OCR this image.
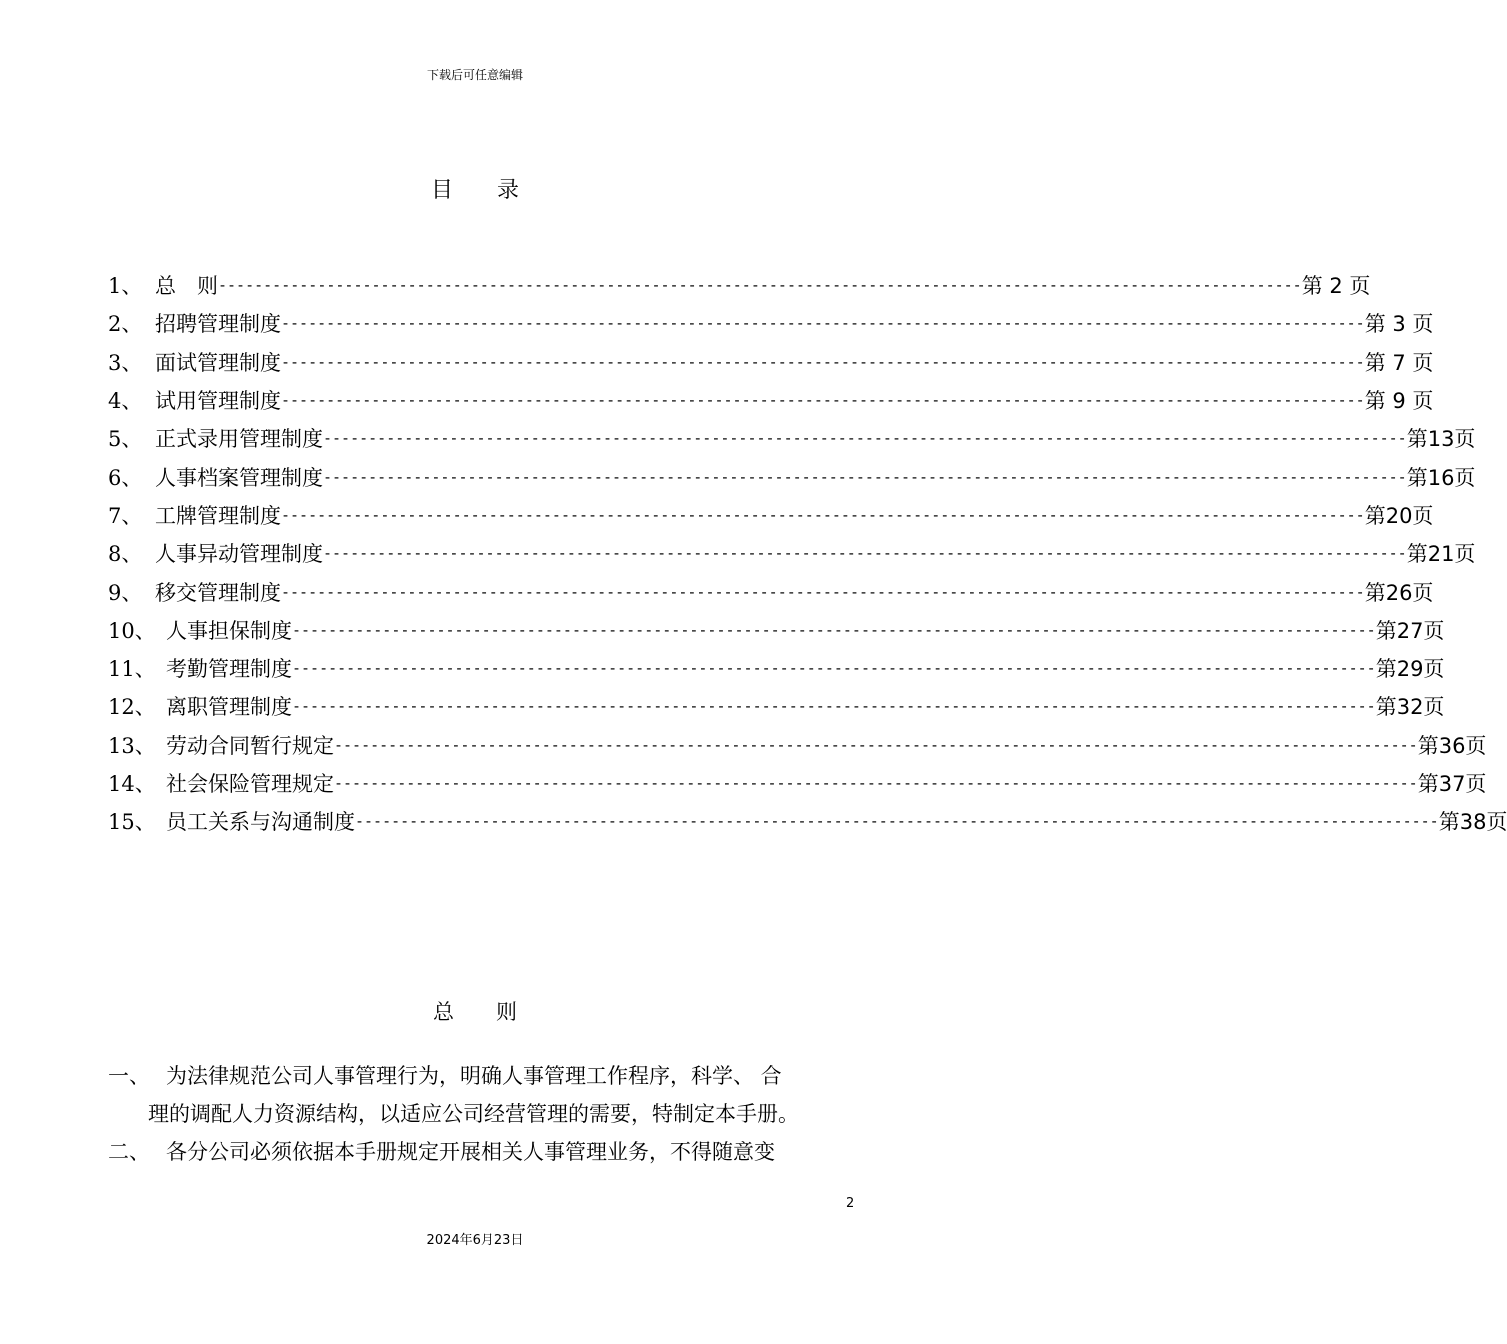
下载后可任意编辑
目录
1、 总　则 ------------------------------------------------------------------------------------------------------------------------ 第 2 页
2、 招聘管理制度 ------------------------------------------------------------------------------------------------------------------------ 第 3 页
3、 面试管理制度 ------------------------------------------------------------------------------------------------------------------------ 第 7 页
4、 试用管理制度 ------------------------------------------------------------------------------------------------------------------------ 第 9 页
5、 正式录用管理制度 ------------------------------------------------------------------------------------------------------------------------ 第13页
6、 人事档案管理制度 ------------------------------------------------------------------------------------------------------------------------ 第16页
7、 工牌管理制度 ------------------------------------------------------------------------------------------------------------------------ 第20页
8、 人事异动管理制度 ------------------------------------------------------------------------------------------------------------------------ 第21页
9、 移交管理制度 ------------------------------------------------------------------------------------------------------------------------ 第26页
10、 人事担保制度 ------------------------------------------------------------------------------------------------------------------------ 第27页
11、 考勤管理制度 ------------------------------------------------------------------------------------------------------------------------ 第29页
12、 离职管理制度 ------------------------------------------------------------------------------------------------------------------------ 第32页
13、 劳动合同暂行规定 ------------------------------------------------------------------------------------------------------------------------ 第36页
14、 社会保险管理规定 ------------------------------------------------------------------------------------------------------------------------ 第37页
15、 员工关系与沟通制度 ------------------------------------------------------------------------------------------------------------------------ 第38页
总则
一、 为法律规范公司人事管理行为，明确人事管理工作程序，科学、 合
理的调配人力资源结构，以适应公司经营管理的需要，特制定本手册。
二、 各分公司必须依据本手册规定开展相关人事管理业务，不得随意变
2
2024年6月23日
